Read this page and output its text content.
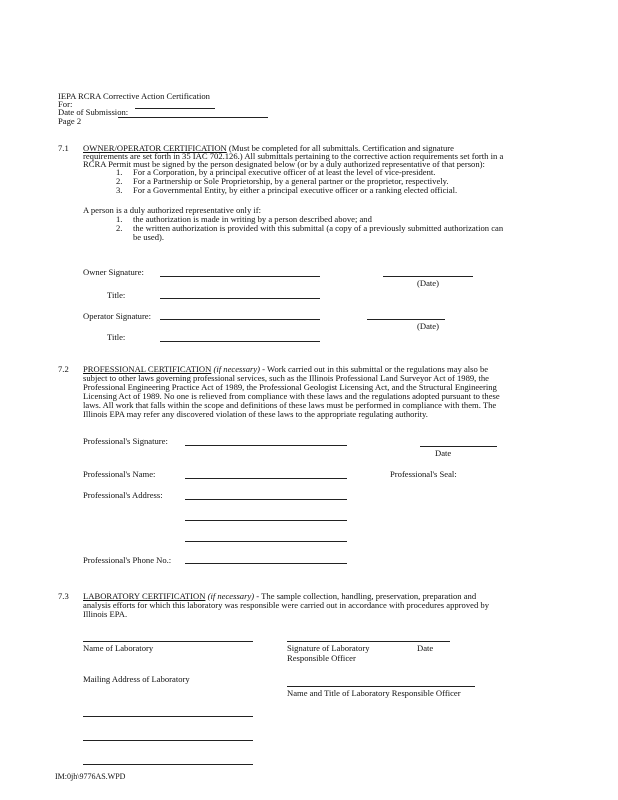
IEPA RCRA Corrective Action Certification
For:
Date of Submission:
Page 2
7.1 OWNER/OPERATOR CERTIFICATION (Must be completed for all submittals. Certification and signature
requirements are set forth in 35 IAC 702.126.) All submittals pertaining to the corrective action requirements set forth in a
RCRA Permit must be signed by the person designated below (or by a duly authorized representative of that person):
1. For a Corporation, by a principal executive officer of at least the level of vice-president.
2. For a Partnership or Sole Proprietorship, by a general partner or the proprietor, respectively.
3. For a Governmental Entity, by either a principal executive officer or a ranking elected official.
A person is a duly authorized representative only if:
1. the authorization is made in writing by a person described above; and
2. the written authorization is provided with this submittal (a copy of a previously submitted authorization can
be used).
Owner Signature:
(Date)
Title:
Operator Signature:
(Date)
Title:
7.2 PROFESSIONAL CERTIFICATION (if necessary) - Work carried out in this submittal or the regulations may also be
subject to other laws governing professional services, such as the Illinois Professional Land Surveyor Act of 1989, the
Professional Engineering Practice Act of 1989, the Professional Geologist Licensing Act, and the Structural Engineering
Licensing Act of 1989. No one is relieved from compliance with these laws and the regulations adopted pursuant to these
laws. All work that falls within the scope and definitions of these laws must be performed in compliance with them. The
Illinois EPA may refer any discovered violation of these laws to the appropriate regulating authority.
Professional's Signature:
Date
Professional's Name:	Professional's Seal:
Professional's Address:
Professional's Phone No.:
7.3 LABORATORY CERTIFICATION (if necessary) - The sample collection, handling, preservation, preparation and
analysis efforts for which this laboratory was responsible were carried out in accordance with procedures approved by
Illinois EPA.
Name of Laboratory	Signature of Laboratory	Date
Responsible Officer
Mailing Address of Laboratory
Name and Title of Laboratory Responsible Officer
IM:0jh\9776AS.WPD
